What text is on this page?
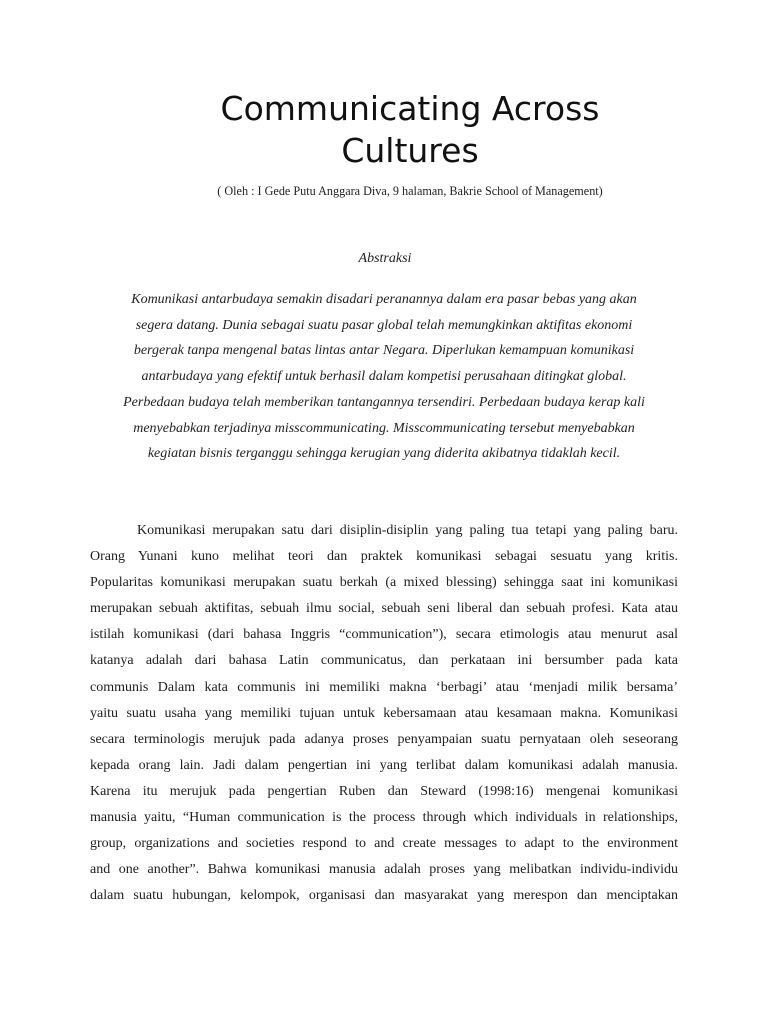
Communicating Across
Cultures

( Oleh : I Gede Putu Anggara Diva, 9 halaman, Bakrie School of Management)

Abstraksi

Komunikasi antarbudaya semakin disadari peranannya dalam era pasar bebas yang akan
segera datang. Dunia sebagai suatu pasar global telah memungkinkan aktifitas ekonomi
bergerak tanpa mengenal batas lintas antar Negara. Diperlukan kemampuan komunikasi
antarbudaya yang efektif untuk berhasil dalam kompetisi perusahaan ditingkat global.
Perbedaan budaya telah memberikan tantangannya tersendiri. Perbedaan budaya kerap kali
menyebabkan terjadinya misscommunicating. Misscommunicating tersebut menyebabkan
kegiatan bisnis terganggu sehingga kerugian yang diderita akibatnya tidaklah kecil.
Komunikasi merupakan satu dari disiplin-disiplin yang paling tua tetapi yang paling baru.
Orang Yunani kuno melihat teori dan praktek komunikasi sebagai sesuatu yang kritis.
Popularitas komunikasi merupakan suatu berkah (a mixed blessing) sehingga saat ini komunikasi
merupakan sebuah aktifitas, sebuah ilmu social, sebuah seni liberal dan sebuah profesi. Kata atau
istilah komunikasi (dari bahasa Inggris “communication”), secara etimologis atau menurut asal
katanya adalah dari bahasa Latin communicatus, dan perkataan ini bersumber pada kata
communis Dalam kata communis ini memiliki makna ‘berbagi’ atau ‘menjadi milik bersama’
yaitu suatu usaha yang memiliki tujuan untuk kebersamaan atau kesamaan makna. Komunikasi
secara terminologis merujuk pada adanya proses penyampaian suatu pernyataan oleh seseorang
kepada orang lain. Jadi dalam pengertian ini yang terlibat dalam komunikasi adalah manusia.
Karena itu merujuk pada pengertian Ruben dan Steward (1998:16) mengenai komunikasi
manusia yaitu, “Human communication is the process through which individuals in relationships,
group, organizations and societies respond to and create messages to adapt to the environment
and one another”. Bahwa komunikasi manusia adalah proses yang melibatkan individu-individu
dalam suatu hubungan, kelompok, organisasi dan masyarakat yang merespon dan menciptakan
